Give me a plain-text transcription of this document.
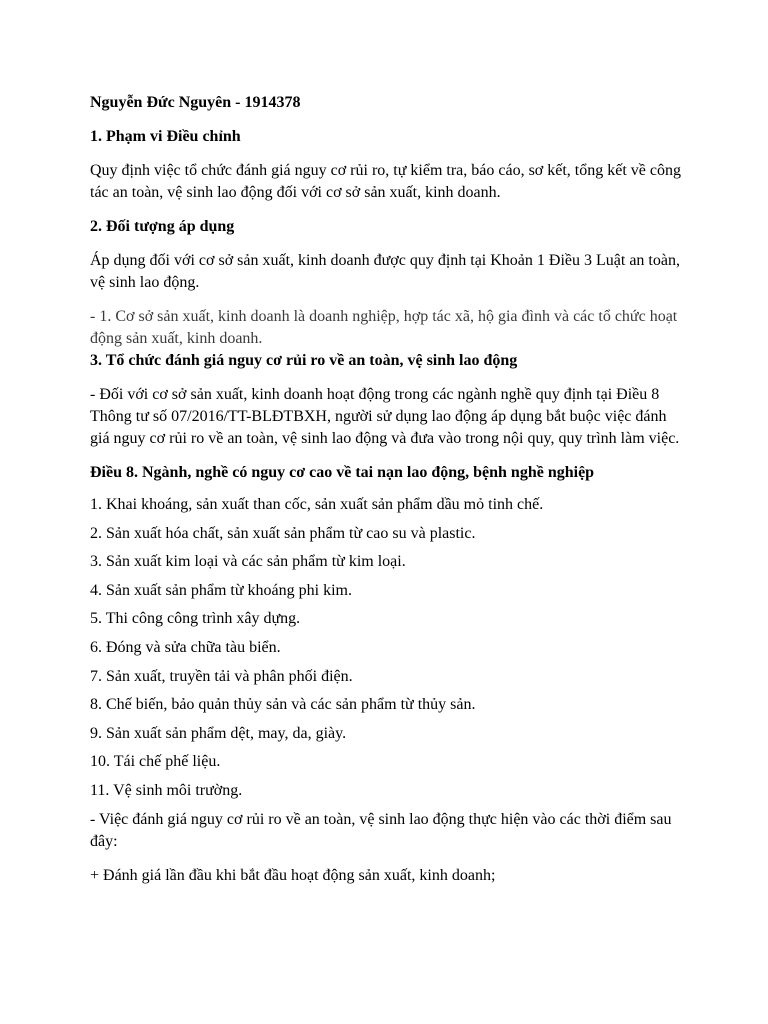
Nguyễn Đức Nguyên - 1914378

1. Phạm vi Điều chỉnh

Quy định việc tổ chức đánh giá nguy cơ rủi ro, tự kiểm tra, báo cáo, sơ kết, tổng kết về công tác an toàn, vệ sinh lao động đối với cơ sở sản xuất, kinh doanh.

2. Đối tượng áp dụng

Áp dụng đối với cơ sở sản xuất, kinh doanh được quy định tại Khoản 1 Điều 3 Luật an toàn, vệ sinh lao động.

- 1. Cơ sở sản xuất, kinh doanh là doanh nghiệp, hợp tác xã, hộ gia đình và các tổ chức hoạt động sản xuất, kinh doanh.

3. Tổ chức đánh giá nguy cơ rủi ro về an toàn, vệ sinh lao động

- Đối với cơ sở sản xuất, kinh doanh hoạt động trong các ngành nghề quy định tại Điều 8 Thông tư số 07/2016/TT-BLĐTBXH, người sử dụng lao động áp dụng bắt buộc việc đánh giá nguy cơ rủi ro về an toàn, vệ sinh lao động và đưa vào trong nội quy, quy trình làm việc.

Điều 8. Ngành, nghề có nguy cơ cao về tai nạn lao động, bệnh nghề nghiệp

1. Khai khoáng, sản xuất than cốc, sản xuất sản phẩm dầu mỏ tinh chế.

2. Sản xuất hóa chất, sản xuất sản phẩm từ cao su và plastic.

3. Sản xuất kim loại và các sản phẩm từ kim loại.

4. Sản xuất sản phẩm từ khoáng phi kim.

5. Thi công công trình xây dựng.

6. Đóng và sửa chữa tàu biển.

7. Sản xuất, truyền tải và phân phối điện.

8. Chế biến, bảo quản thủy sản và các sản phẩm từ thủy sản.

9. Sản xuất sản phẩm dệt, may, da, giày.

10. Tái chế phế liệu.

11. Vệ sinh môi trường.

- Việc đánh giá nguy cơ rủi ro về an toàn, vệ sinh lao động thực hiện vào các thời điểm sau đây:

+ Đánh giá lần đầu khi bắt đầu hoạt động sản xuất, kinh doanh;
